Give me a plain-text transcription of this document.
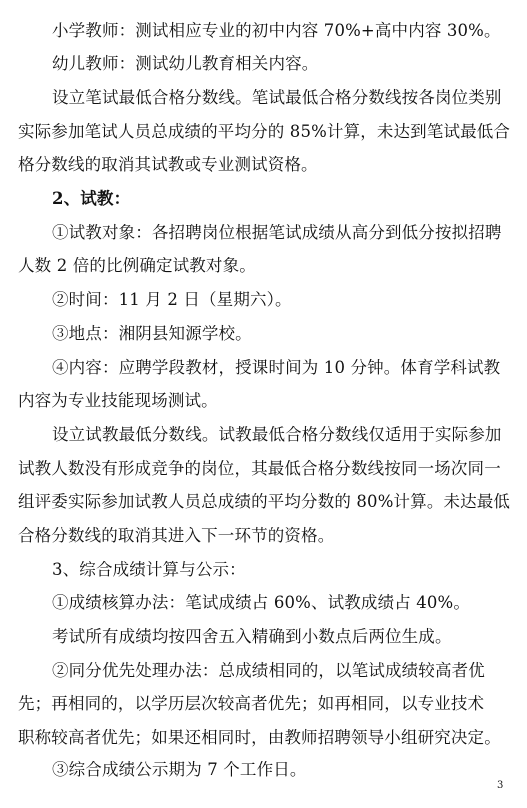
小学教师：测试相应专业的初中内容 70%+高中内容 30%。
幼儿教师：测试幼儿教育相关内容。
设立笔试最低合格分数线。笔试最低合格分数线按各岗位类别
实际参加笔试人员总成绩的平均分的 85%计算，未达到笔试最低合
格分数线的取消其试教或专业测试资格。
2、试教：
①试教对象：各招聘岗位根据笔试成绩从高分到低分按拟招聘
人数 2 倍的比例确定试教对象。
②时间：11 月 2 日（星期六）。
③地点：湘阴县知源学校。
④内容：应聘学段教材，授课时间为 10 分钟。体育学科试教
内容为专业技能现场测试。
设立试教最低分数线。试教最低合格分数线仅适用于实际参加
试教人数没有形成竞争的岗位，其最低合格分数线按同一场次同一
组评委实际参加试教人员总成绩的平均分数的 80%计算。未达最低
合格分数线的取消其进入下一环节的资格。
3、综合成绩计算与公示：
①成绩核算办法：笔试成绩占 60%、试教成绩占 40%。
考试所有成绩均按四舍五入精确到小数点后两位生成。
②同分优先处理办法：总成绩相同的，以笔试成绩较高者优
先；再相同的，以学历层次较高者优先；如再相同，以专业技术
职称较高者优先；如果还相同时，由教师招聘领导小组研究决定。
③综合成绩公示期为 7 个工作日。
3
